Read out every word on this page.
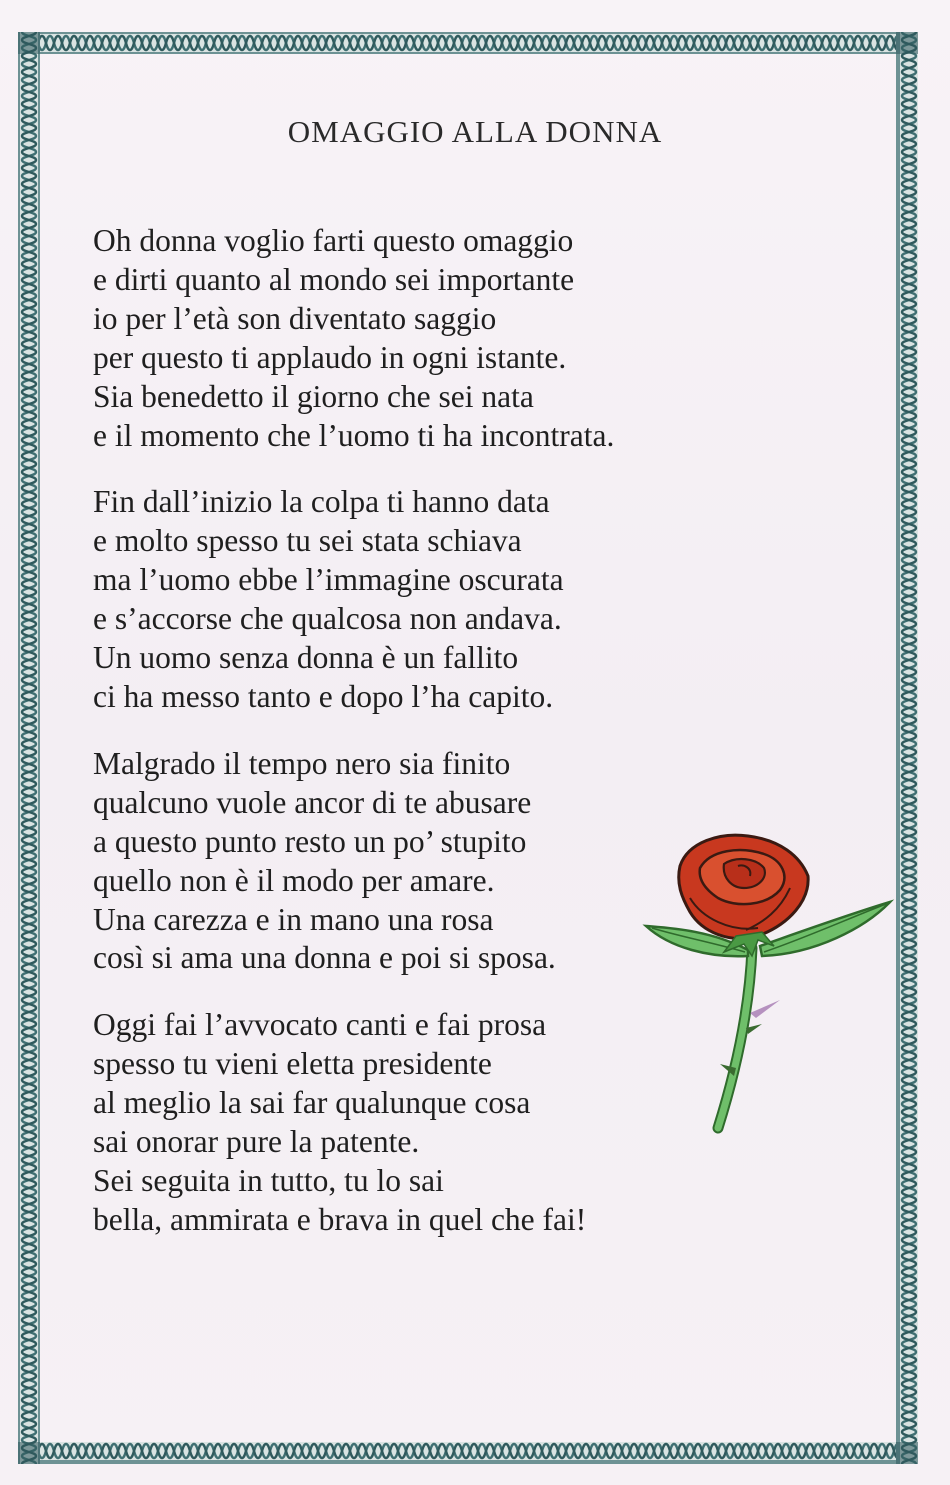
OMAGGIO ALLA DONNA

Oh donna voglio farti questo omaggio
e dirti quanto al mondo sei importante
io per l’età son diventato saggio
per questo ti applaudo in ogni istante.
Sia benedetto il giorno che sei nata
e il momento che l’uomo ti ha incontrata.

Fin dall’inizio la colpa ti hanno data
e molto spesso tu sei stata schiava
ma l’uomo ebbe l’immagine oscurata
e s’accorse che qualcosa non andava.
Un uomo senza donna è un fallito
ci ha messo tanto e dopo l’ha capito.

Malgrado il tempo nero sia finito
qualcuno vuole ancor di te abusare
a questo punto resto un po’ stupito
quello non è il modo per amare.
Una carezza e in mano una rosa
così si ama una donna e poi si sposa.

Oggi fai l’avvocato canti e fai prosa
spesso tu vieni eletta presidente
al meglio la sai far qualunque cosa
sai onorar pure la patente.
Sei seguita in tutto, tu lo sai
bella, ammirata e brava in quel che fai!
